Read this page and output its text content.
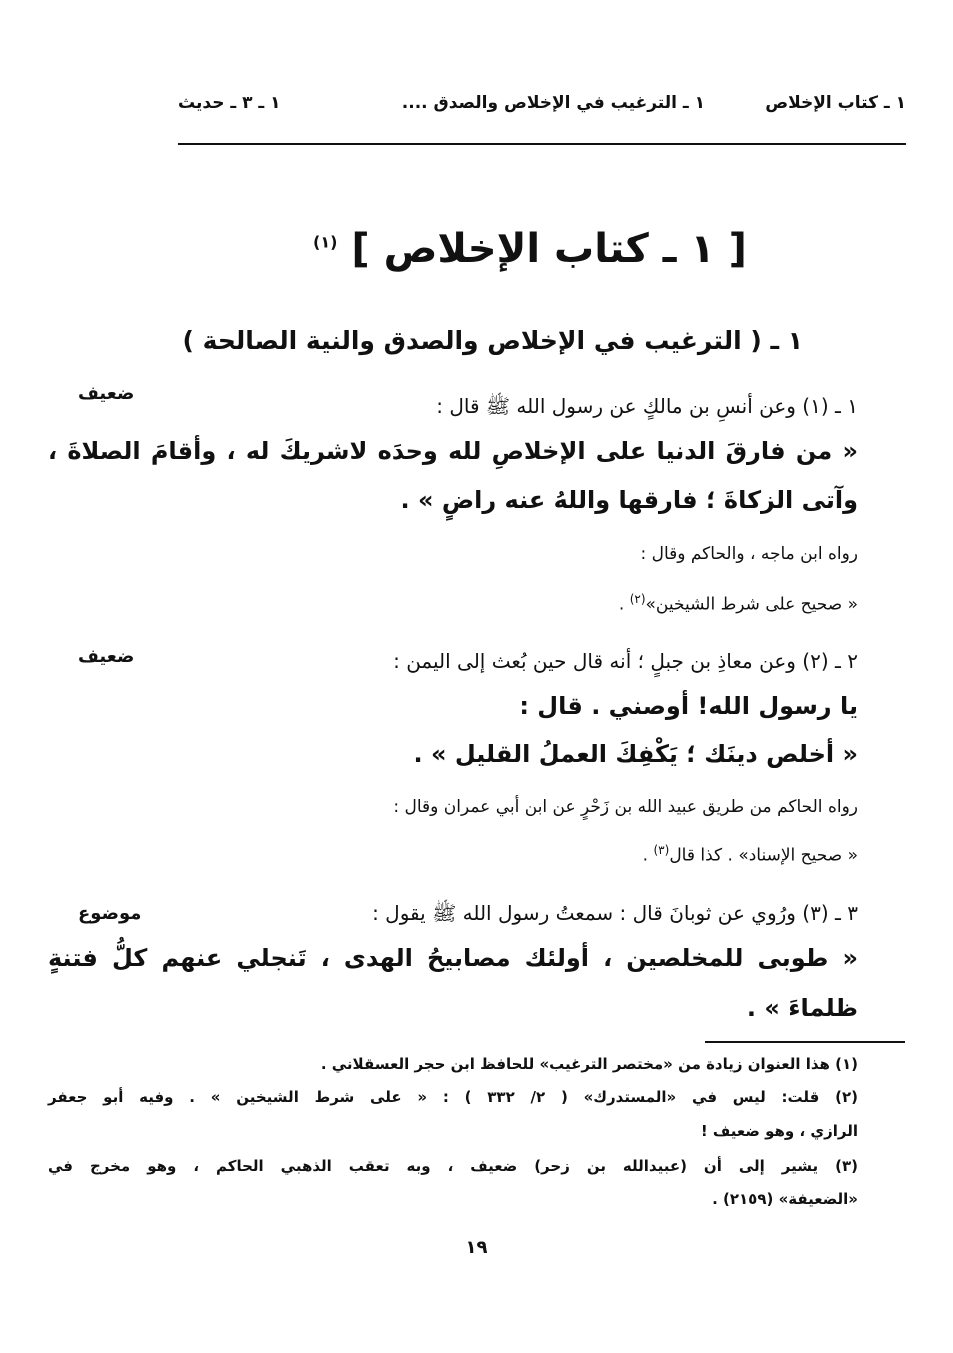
١ ـ كتاب الإخلاص
١ ـ الترغيب في الإخلاص والصدق ....
١ ـ ٣ ـ حديث
[ ١ ـ كتاب الإخلاص ] $^{(١)}$
١ ـ ( الترغيب في الإخلاص والصدق والنية الصالحة )
ضعيف
١ ـ (١) وعن أنسِ بن مالكٍ عن رسول الله ﷺ قال :
« من فارقَ الدنيا على الإخلاصِ لله وحدَه لاشريكَ له ، وأقامَ الصلاةَ ،
وآتى الزكاةَ ؛ فارقها واللهُ عنه راضٍ » .
رواه ابن ماجه ، والحاكم وقال :
« صحيح على شرط الشيخين»$^{(٢)}$ .
ضعيف	٢ ـ (٢) وعن معاذِ بن جبلٍ ؛ أنه قال حين بُعث إلى اليمن :
يا رسول الله! أوصني . قال :
« أخلص دينَك ؛ يَكْفِكَ العملُ القليل » .
رواه الحاكم من طريق عبيد الله بن زَحْرٍ عن ابن أبي عمران وقال :
« صحيح الإسناد» . كذا قال$^{(٣)}$ .
موضوع	٣ ـ (٣) ورُوي عن ثوبانَ قال : سمعتُ رسول الله ﷺ يقول :
« طوبى للمخلصين ، أولئك مصابيحُ الهدى ، تَنجلي عنهم كلُّ فتنةٍ
ظلماءَ » .
(١) هذا العنوان زيادة من «مختصر الترغيب» للحافظ ابن حجر العسقلاني .
(٢) قلت: ليس في «المستدرك» ( ٢/ ٣٣٢ ) : « على شرط الشيخين » . وفيه أبو جعفر
الرازي ، وهو ضعيف !
(٣) يشير إلى أن (عبيدالله بن زحر) ضعيف ، وبه تعقب الذهبي الحاكم ، وهو مخرج في
«الضعيفة» (٢١٥٩) .
١٩
